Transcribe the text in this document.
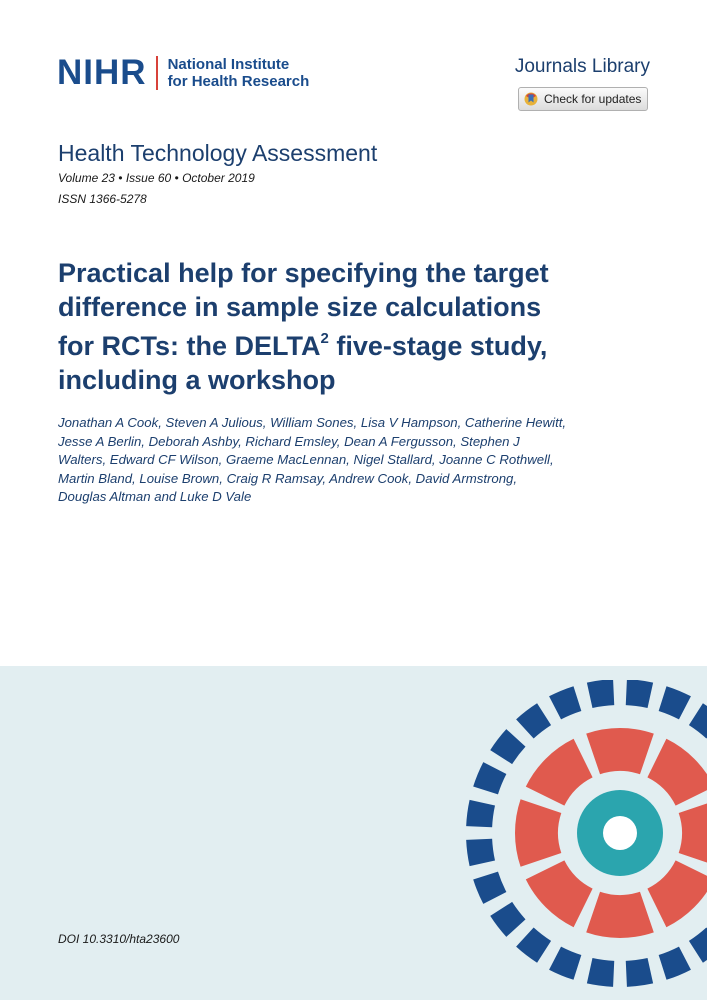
NIHR National Institute
for Health Research
Journals Library
Check for updates
Health Technology Assessment
Volume 23 • Issue 60 • October 2019
ISSN 1366-5278
Practical help for specifying the target difference in sample size calculations for RCTs: the DELTA$^2$ five-stage study, including a workshop
Jonathan A Cook, Steven A Julious, William Sones, Lisa V Hampson, Catherine Hewitt, Jesse A Berlin, Deborah Ashby, Richard Emsley, Dean A Fergusson, Stephen J Walters, Edward CF Wilson, Graeme MacLennan, Nigel Stallard, Joanne C Rothwell, Martin Bland, Louise Brown, Craig R Ramsay, Andrew Cook, David Armstrong, Douglas Altman and Luke D Vale
DOI 10.3310/hta23600
